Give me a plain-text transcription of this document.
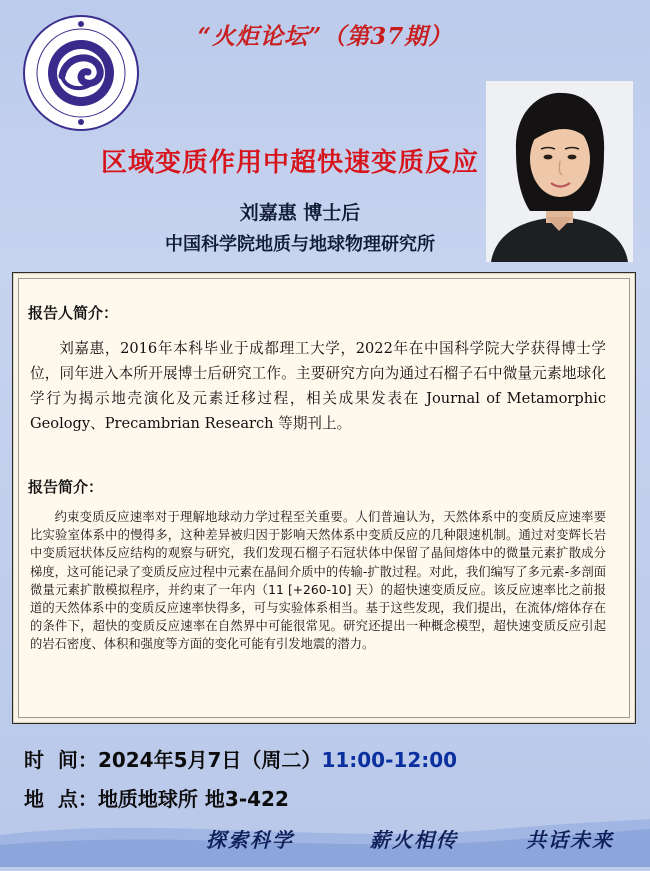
“火炬论坛”（第37期）
区域变质作用中超快速变质反应
刘嘉惠 博士后
中国科学院地质与地球物理研究所
报告人简介：
刘嘉惠，2016年本科毕业于成都理工大学，2022年在中国科学院大学获得博士学位，同年进入本所开展博士后研究工作。主要研究方向为通过石榴子石中微量元素地球化学行为揭示地壳演化及元素迁移过程，相关成果发表在 Journal of Metamorphic Geology、Precambrian Research 等期刊上。
报告简介：
约束变质反应速率对于理解地球动力学过程至关重要。人们普遍认为，天然体系中的变质反应速率要比实验室体系中的慢得多，这种差异被归因于影响天然体系中变质反应的几种限速机制。通过对变辉长岩中变质冠状体反应结构的观察与研究，我们发现石榴子石冠状体中保留了晶间熔体中的微量元素扩散成分梯度，这可能记录了变质反应过程中元素在晶间介质中的传输-扩散过程。对此，我们编写了多元素-多剖面微量元素扩散模拟程序，并约束了一年内（11 [+260-10] 天）的超快速变质反应。该反应速率比之前报道的天然体系中的变质反应速率快得多，可与实验体系相当。基于这些发现，我们提出，在流体/熔体存在的条件下，超快的变质反应速率在自然界中可能很常见。研究还提出一种概念模型，超快速变质反应引起的岩石密度、体积和强度等方面的变化可能有引发地震的潜力。
时  间：2024年5月7日（周二）11:00-12:00
地  点：地质地球所 地3-422
探索科学	薪火相传	共话未来
